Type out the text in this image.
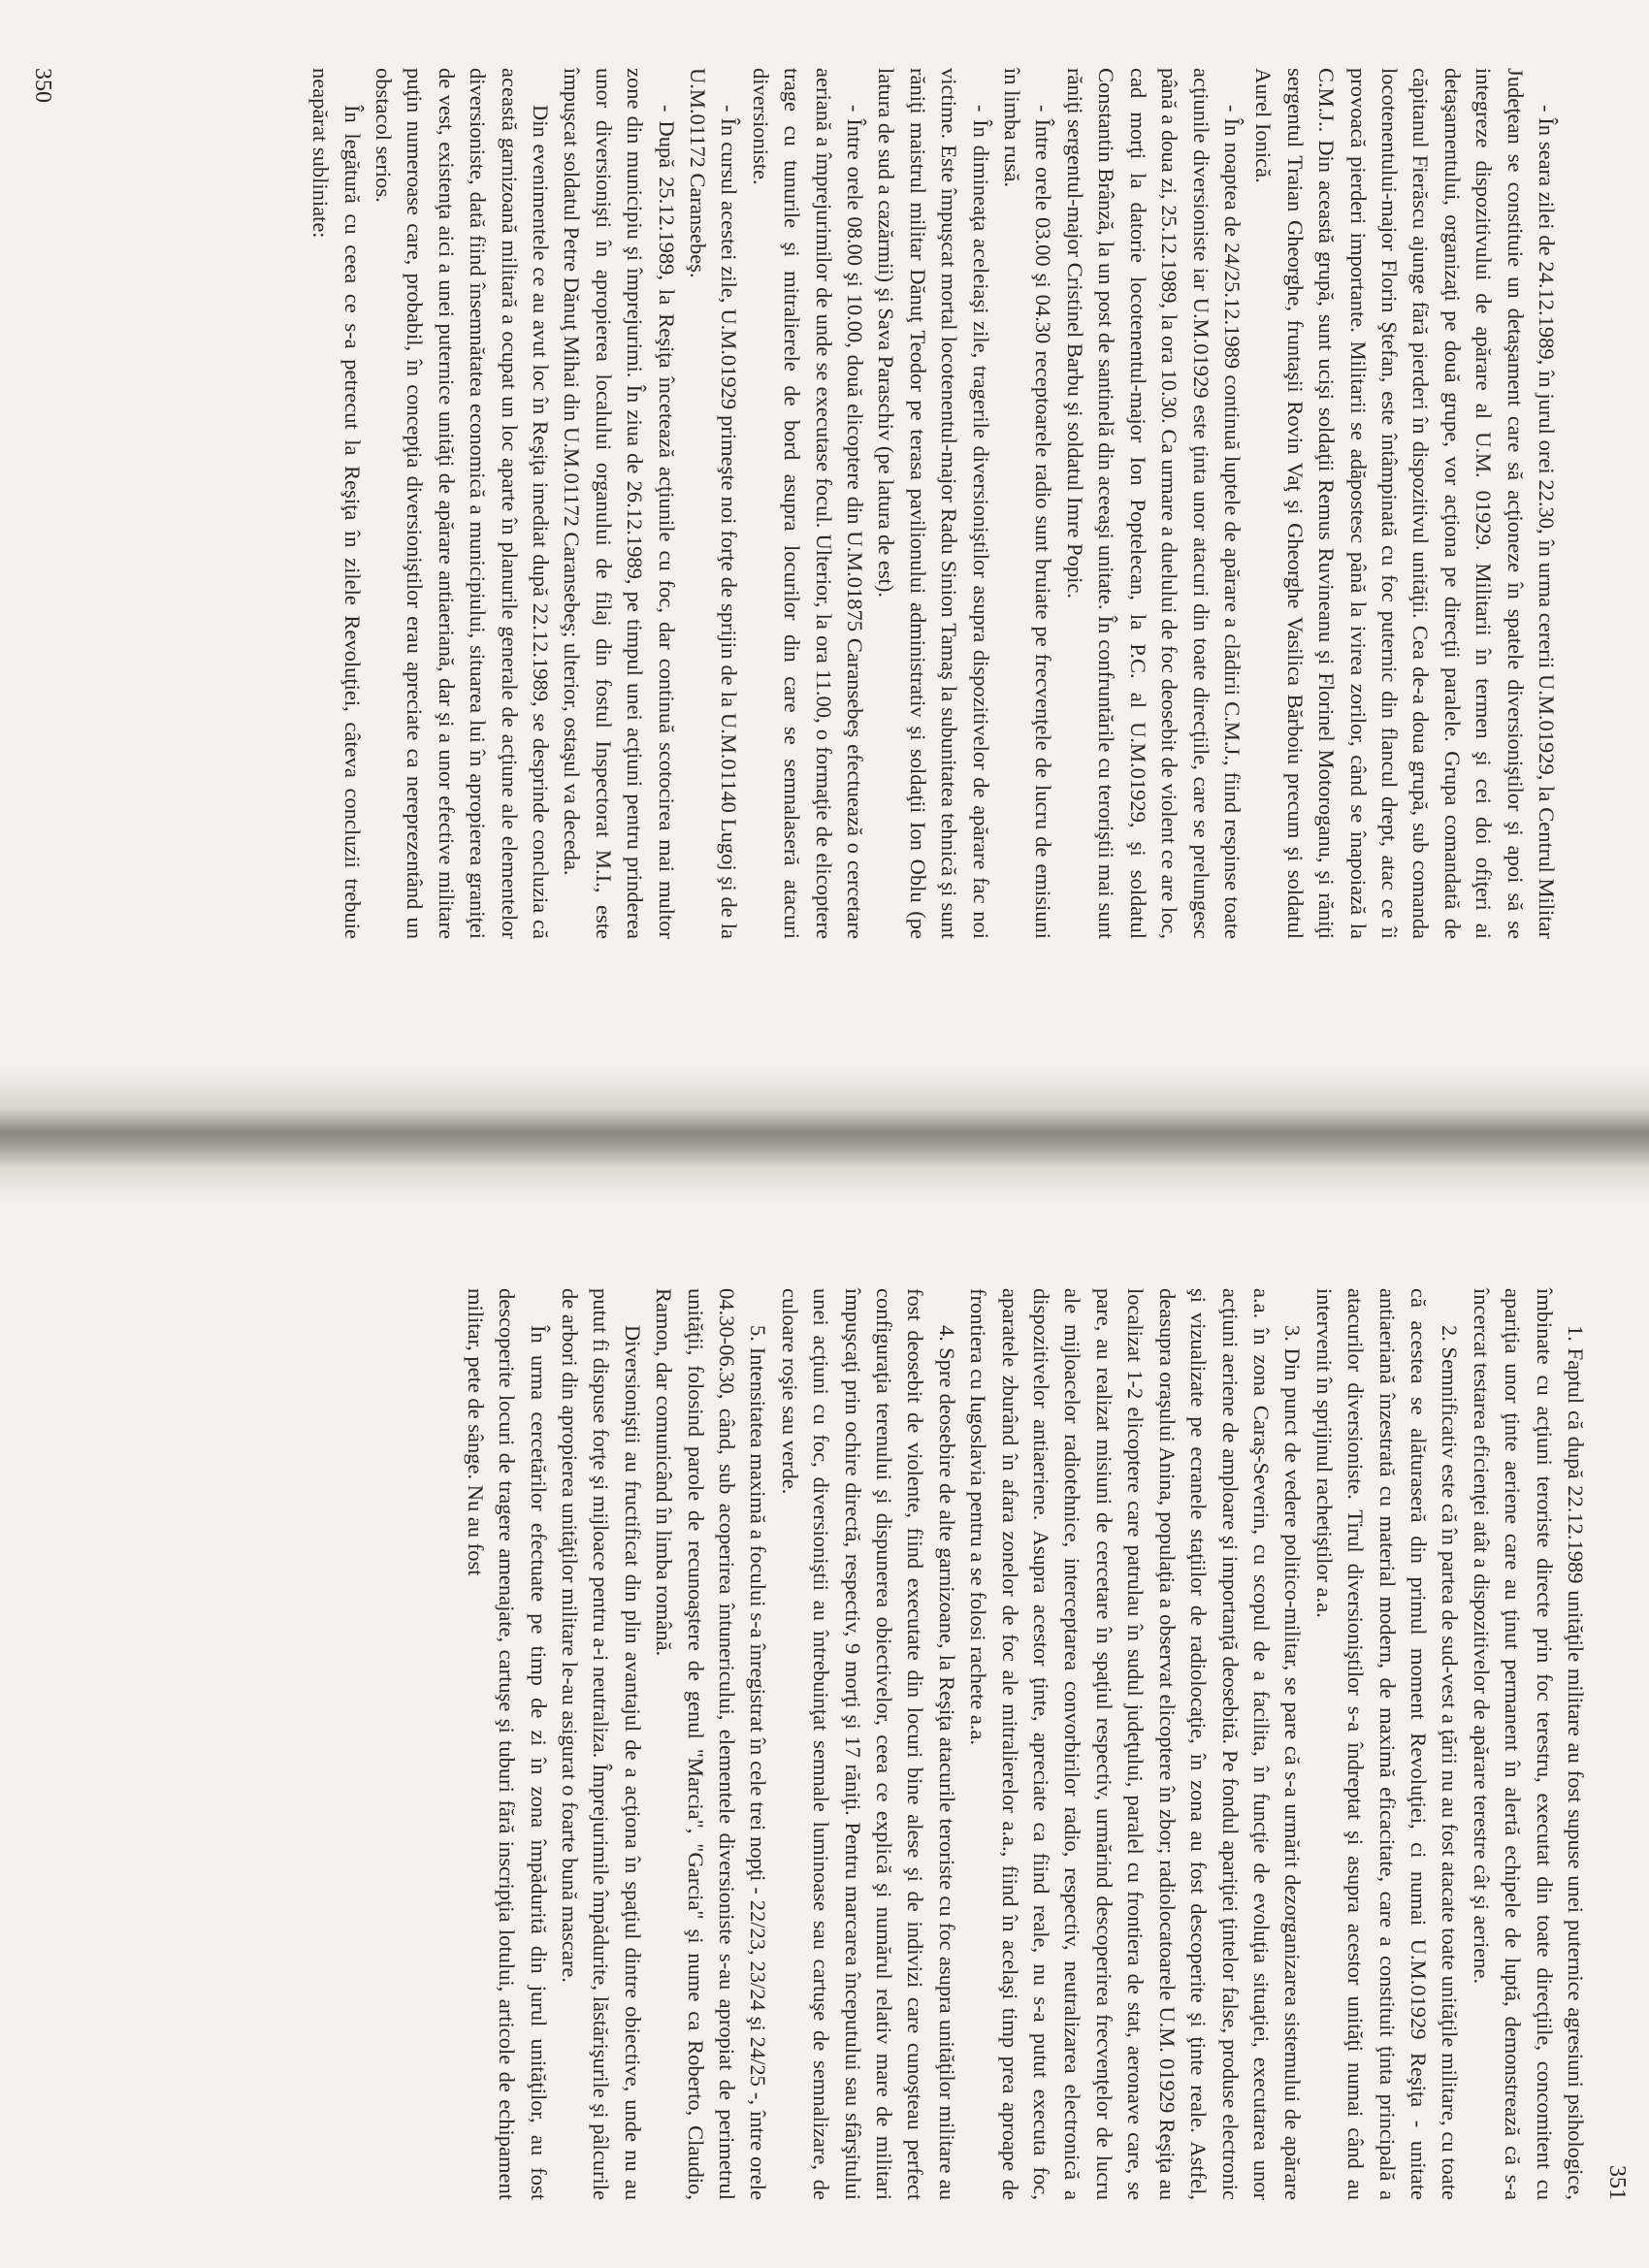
- În seara zilei de 24.12.1989, în jurul orei 22.30, în urma cererii U.M.01929, la Centrul Militar Judeţean se constituie un detaşament care să acţioneze în spatele diversioniştilor şi apoi să se integreze dispozitivului de apărare al U.M. 01929. Militarii în termen şi cei doi ofiţeri ai detaşamentului, organizaţi pe două grupe, vor acţiona pe direcţii paralele. Grupa comandată de căpitanul Fierăscu ajunge fără pierderi în dispozitivul unităţii. Cea de-a doua grupă, sub comanda locotenentului-major Florin Ştefan, este întâmpinată cu foc puternic din flancul drept, atac ce îi provoacă pierderi importante. Militarii se adăpostesc până la ivirea zorilor, când se înapoiază la C.M.J.. Din această grupă, sunt ucişi soldaţii Remus Ruvineanu şi Florinel Motoroganu, şi răniţi sergentul Traian Gheorghe, fruntaşii Rovin Vaţ şi Gheorghe Vasilica Bărboiu precum şi soldatul Aurel Ionică.

- În noaptea de 24/25.12.1989 continuă luptele de apărare a clădirii C.M.J., fiind respinse toate acţiunile diversioniste iar U.M.01929 este ţinta unor atacuri din toate direcţiile, care se prelungesc până a doua zi, 25.12.1989, la ora 10.30. Ca urmare a duelului de foc deosebit de violent ce are loc, cad morţi la datorie locotenentul-major Ion Poptelecan, la P.C. al U.M.01929, şi soldatul Constantin Brânză, la un post de santinelă din aceeaşi unitate. În confruntările cu teroriştii mai sunt răniţi sergentul-major Cristinel Barbu şi soldatul Imre Popic.

- Între orele 03.00 şi 04.30 receptoarele radio sunt bruiate pe frecvenţele de lucru de emisiuni în limba rusă.

- În dimineaţa aceleiaşi zile, tragerile diversioniştilor asupra dispozitivelor de apărare fac noi victime. Este împuşcat mortal locotenentul-major Radu Sinion Tamaş la subunitatea tehnică şi sunt răniţi maistrul militar Dănuţ Teodor pe terasa pavilionului administrativ şi soldaţii Ion Oblu (pe latura de sud a cazărmii) şi Sava Paraschiv (pe latura de est).

- Între orele 08.00 şi 10.00, două elicoptere din U.M.01875 Caransebeş efectuează o cercetare aeriană a împrejurimilor de unde se executase focul. Ulterior, la ora 11.00, o formaţie de elicoptere trage cu tunurile şi mitralierele de bord asupra locurilor din care se semnalaseră atacuri diversioniste.

- În cursul acestei zile, U.M.01929 primeşte noi forţe de sprijin de la U.M.01140 Lugoj şi de la U.M.01172 Caransebeş.

- După 25.12.1989, la Reşiţa încetează acţiunile cu foc, dar continuă scotocirea mai multor zone din municipiu şi împrejurimi. În ziua de 26.12.1989, pe timpul unei acţiuni pentru prinderea unor diversionişti în apropierea localului organului de filaj din fostul Inspectorat M.I., este împuşcat soldatul Petre Dănuţ Mihai din U.M.01172 Caransebeş; ulterior, ostaşul va deceda.

Din evenimentele ce au avut loc în Reşiţa imediat după 22.12.1989, se desprinde concluzia că această garnizoană militară a ocupat un loc aparte în planurile generale de acţiune ale elementelor diversioniste, dată fiind însemnătatea economică a municipiului, situarea lui în apropierea graniţei de vest, existenţa aici a unei puternice unităţi de apărare antiaeriană, dar şi a unor efective militare puţin numeroase care, probabil, în concepţia diversioniştilor erau apreciate ca nereprezentând un obstacol serios.

În legătură cu ceea ce s-a petrecut la Reşiţa în zilele Revoluţiei, câteva concluzii trebuie neapărat subliniate:

350
351

1. Faptul că după 22.12.1989 unităţile militare au fost supuse unei puternice agresiuni psihologice, îmbinate cu acţiuni teroriste directe prin foc terestru, executat din toate direcţiile, concomitent cu apariţia unor ţinte aeriene care au ţinut permanent în alertă echipele de luptă, demonstrează că s-a încercat testarea eficienţei atât a dispozitivelor de apărare terestre cât şi aeriene.

2. Semnificativ este că în partea de sud-vest a ţării nu au fost atacate toate unităţile militare, cu toate că acestea se alăturaseră din primul moment Revoluţiei, ci numai U.M.01929 Reşiţa - unitate antiaeriană înzestrată cu material modern, de maximă eficacitate, care a constituit ţinta principală a atacurilor diversioniste. Tirul diversioniştilor s-a îndreptat şi asupra acestor unităţi numai când au intervenit în sprijinul rachetiştilor a.a.

3. Din punct de vedere politico-militar, se pare că s-a urmărit dezorganizarea sistemului de apărare a.a. în zona Caraş-Severin, cu scopul de a facilita, în funcţie de evoluţia situaţiei, executarea unor acţiuni aeriene de amploare şi importanţă deosebită. Pe fondul apariţiei ţintelor false, produse electronic şi vizualizate pe ecranele staţiilor de radiolocaţie, în zona au fost descoperite şi ţinte reale. Astfel, deasupra oraşului Anina, populaţia a observat elicoptere în zbor; radiolocatoarele U.M. 01929 Reşiţa au localizat 1-2 elicoptere care patrulau în sudul judeţului, paralel cu frontiera de stat, aeronave care, se pare, au realizat misiuni de cercetare în spaţiul respectiv, urmărind descoperirea frecvenţelor de lucru ale mijloacelor radiotehnice, interceptarea convorbirilor radio, respectiv, neutralizarea electronică a dispozitivelor antiaeriene. Asupra acestor ţinte, apreciate ca fiind reale, nu s-a putut executa foc, aparatele zburând în afara zonelor de foc ale mitralierelor a.a., fiind în acelaşi timp prea aproape de frontiera cu Iugoslavia pentru a se folosi rachete a.a.

4. Spre deosebire de alte garnizoane, la Reşiţa atacurile teroriste cu foc asupra unităţilor militare au fost deosebit de violente, fiind executate din locuri bine alese şi de indivizi care cunoşteau perfect configuraţia terenului şi dispunerea obiectivelor, ceea ce explică şi numărul relativ mare de militari împuşcaţi prin ochire directă, respectiv, 9 morţi şi 17 răniţi. Pentru marcarea începutului sau sfârşitului unei acţiuni cu foc, diversioniştii au întrebuinţat semnale luminoase sau cartuşe de semnalizare, de culoare roşie sau verde.

5. Intensitatea maximă a focului s-a înregistrat în cele trei nopţi - 22/23, 23/24 şi 24/25 -, între orele 04.30-06.30, când, sub acoperirea întunericului, elementele diversioniste s-au apropiat de perimetrul unităţii, folosind parole de recunoaştere de genul "Marcia", "Garcia" şi nume ca Roberto, Claudio, Ramon, dar comunicând în limba română.

Diversioniştii au fructificat din plin avantajul de a acţiona în spaţiul dintre obiective, unde nu au putut fi dispuse forţe şi mijloace pentru a-i neutraliza. Împrejurimile împădurite, lăstărişurile şi pâlcurile de arbori din apropierea unităţilor militare le-au asigurat o foarte bună mascare.

În urma cercetărilor efectuate pe timp de zi în zona împădurită din jurul unităţilor, au fost descoperite locuri de tragere amenajate, cartuşe şi tuburi fără inscripţia lotului, articole de echipament militar, pete de sânge. Nu au fost
